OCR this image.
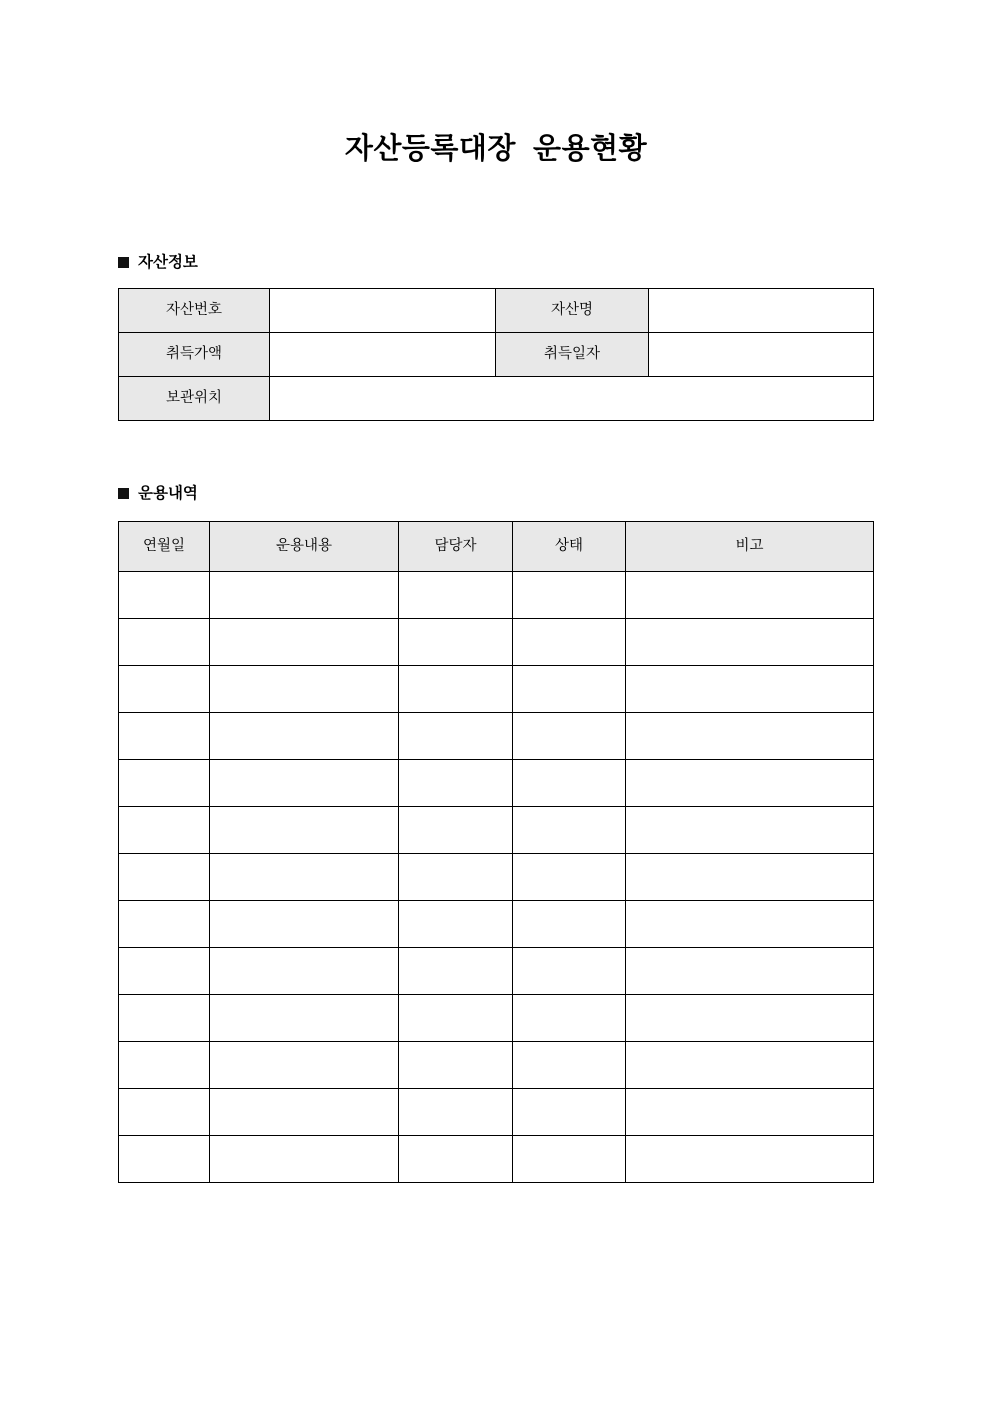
자산등록대장  운용현황
자산정보
자산번호		자산명	
취득가액		취득일자	
보관위치			
운용내역
연월일	운용내용	담당자	상태	비고
